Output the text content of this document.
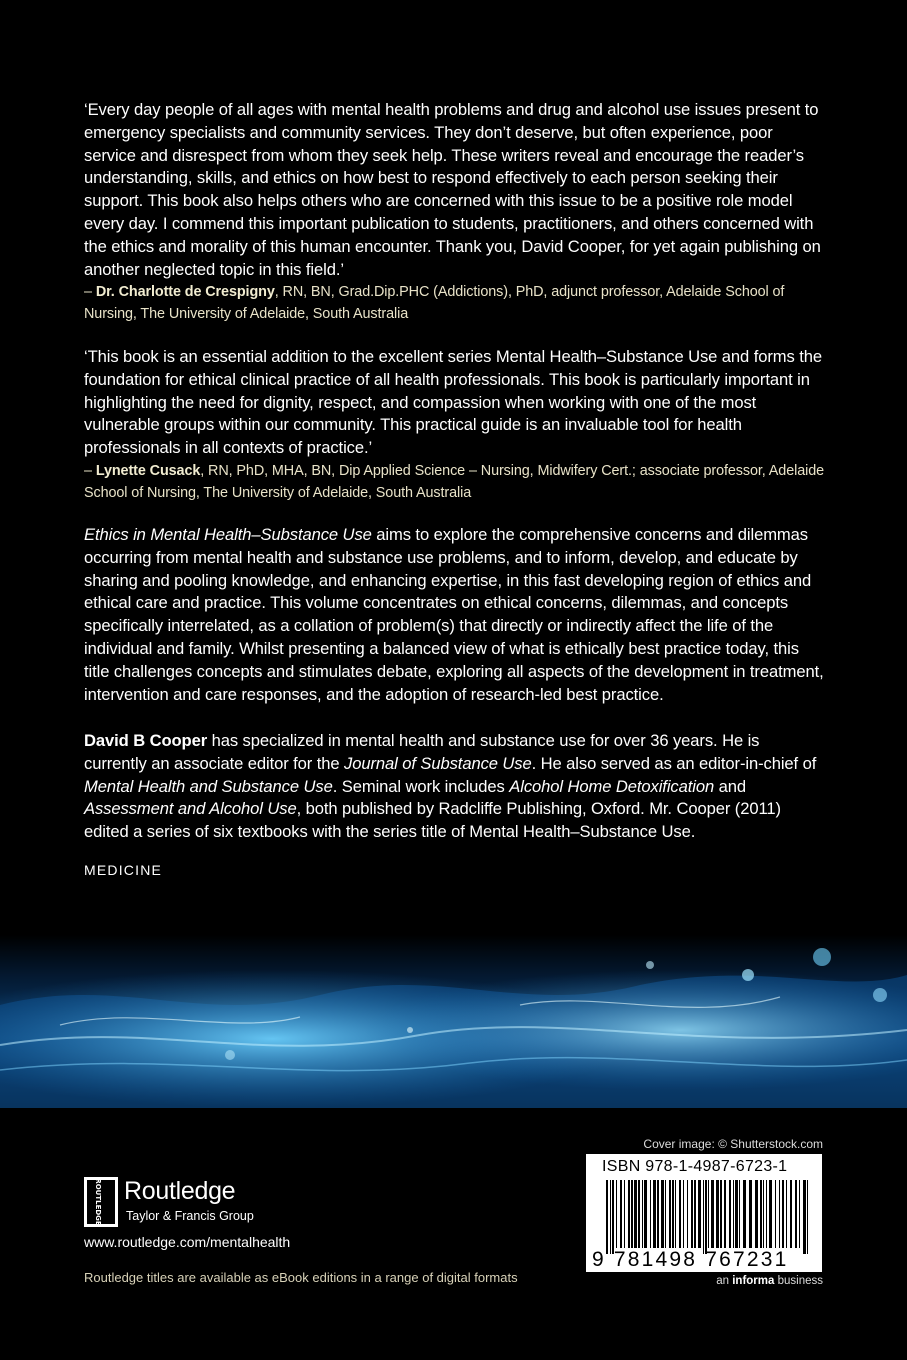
‘Every day people of all ages with mental health problems and drug and alcohol use issues present to emergency specialists and community services. They don’t deserve, but often experience, poor service and disrespect from whom they seek help. These writers reveal and encourage the reader’s understanding, skills, and ethics on how best to respond effectively to each person seeking their support. This book also helps others who are concerned with this issue to be a positive role model every day. I commend this important publication to students, practitioners, and others concerned with the ethics and morality of this human encounter. Thank you, David Cooper, for yet again publishing on another neglected topic in this field.’
– Dr. Charlotte de Crespigny, RN, BN, Grad.Dip.PHC (Addictions), PhD, adjunct professor, Adelaide School of Nursing, The University of Adelaide, South Australia
‘This book is an essential addition to the excellent series Mental Health–Substance Use and forms the foundation for ethical clinical practice of all health professionals. This book is particularly important in highlighting the need for dignity, respect, and compassion when working with one of the most vulnerable groups within our community. This practical guide is an invaluable tool for health professionals in all contexts of practice.’
– Lynette Cusack, RN, PhD, MHA, BN, Dip Applied Science – Nursing, Midwifery Cert.; associate professor, Adelaide School of Nursing, The University of Adelaide, South Australia
Ethics in Mental Health–Substance Use aims to explore the comprehensive concerns and dilemmas occurring from mental health and substance use problems, and to inform, develop, and educate by sharing and pooling knowledge, and enhancing expertise, in this fast developing region of ethics and ethical care and practice. This volume concentrates on ethical concerns, dilemmas, and concepts specifically interrelated, as a collation of problem(s) that directly or indirectly affect the life of the individual and family. Whilst presenting a balanced view of what is ethically best practice today, this title challenges concepts and stimulates debate, exploring all aspects of the development in treatment, intervention and care responses, and the adoption of research-led best practice.
David B Cooper has specialized in mental health and substance use for over 36 years. He is currently an associate editor for the Journal of Substance Use. He also served as an editor-in-chief of Mental Health and Substance Use. Seminal work includes Alcohol Home Detoxification and Assessment and Alcohol Use, both published by Radcliffe Publishing, Oxford. Mr. Cooper (2011) edited a series of six textbooks with the series title of Mental Health–Substance Use.
MEDICINE
Cover image: © Shutterstock.com
ISBN 978-1-4987-6723-1
9 781498 767231
an informa business
ROUTLEDGE Routledge
Taylor & Francis Group
www.routledge.com/mentalhealth
Routledge titles are available as eBook editions in a range of digital formats
